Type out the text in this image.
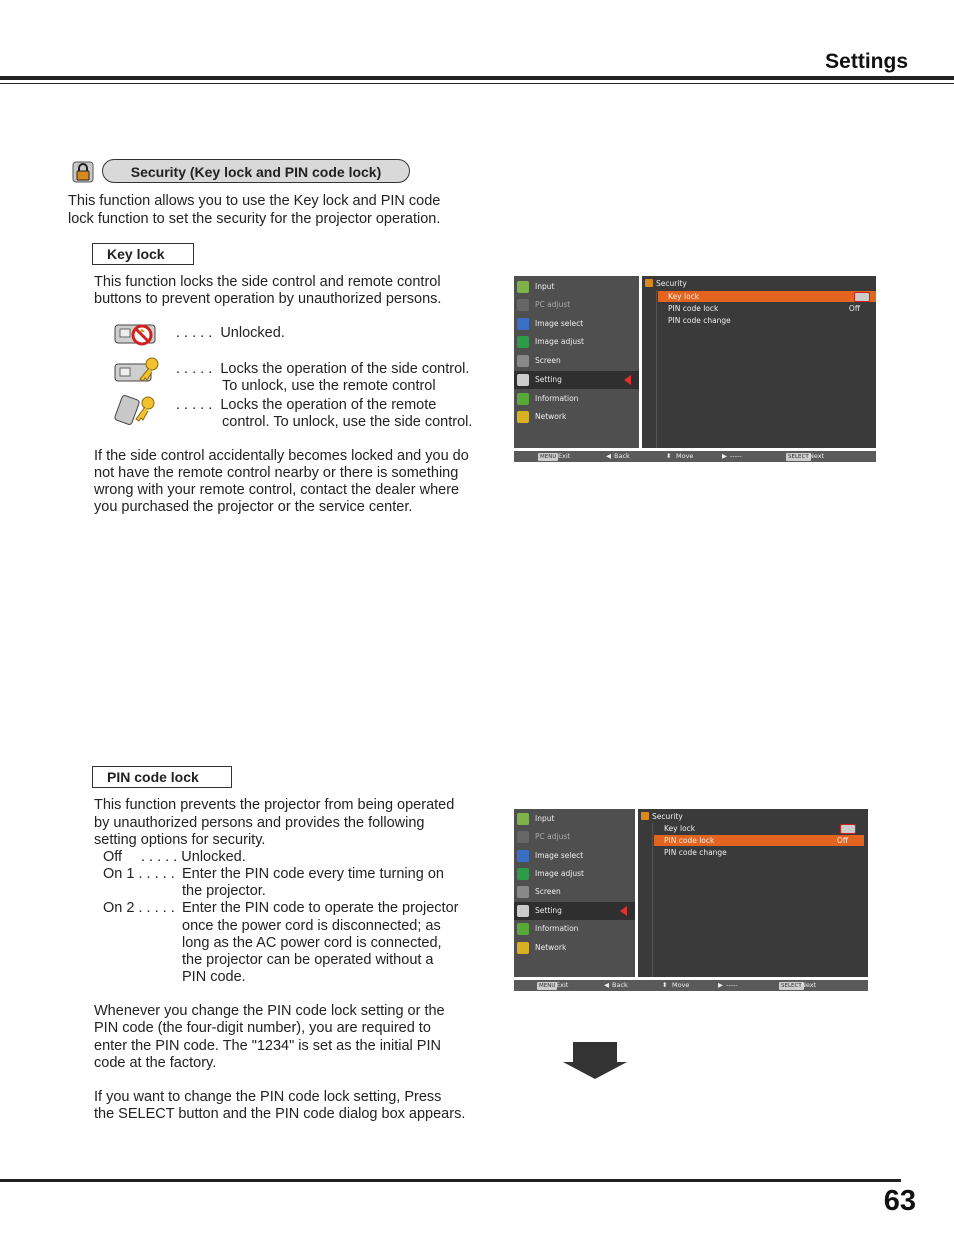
Settings
Security (Key lock and PIN code lock)
This function allows you to use the Key lock and PIN code
lock function to set the security for the projector operation.
Key lock
This function locks the side control and remote control
buttons to prevent operation by unauthorized persons.
. . . . .  Unlocked.
. . . . .  Locks the operation of the side control.
To unlock, use the remote control
. . . . .  Locks the operation of the remote
control. To unlock, use the side control.
If the side control accidentally becomes locked and you do
not have the remote control nearby or there is something
wrong with your remote control, contact the dealer where
you purchased the projector or the service center.
Input
PC adjust
Image select
Image adjust
Screen
Setting
Information
Network
Security
Key lock
PIN code lock	Off
PIN code change
MENU Exit	◀ Back	⬍ Move	▶ -----	SELECT Next
PIN code lock
This function prevents the projector from being operated
by unauthorized persons and provides the following
setting options for security.
Off . . . . . Unlocked.
On 1 . . . . . Enter the PIN code every time turning on
the projector.
On 2 . . . . . Enter the PIN code to operate the projector
once the power cord is disconnected; as
long as the AC power cord is connected,
the projector can be operated without a
PIN code.
Whenever you change the PIN code lock setting or the
PIN code (the four-digit number), you are required to
enter the PIN code. The "1234" is set as the initial PIN
code at the factory.
If you want to change the PIN code lock setting, Press
the SELECT button and the PIN code dialog box appears.
Input
PC adjust
Image select
Image adjust
Screen
Setting
Information
Network
Security
Key lock
PIN code lock	Off
PIN code change
MENU Exit	◀ Back	⬍ Move	▶ -----	SELECT Next
63
